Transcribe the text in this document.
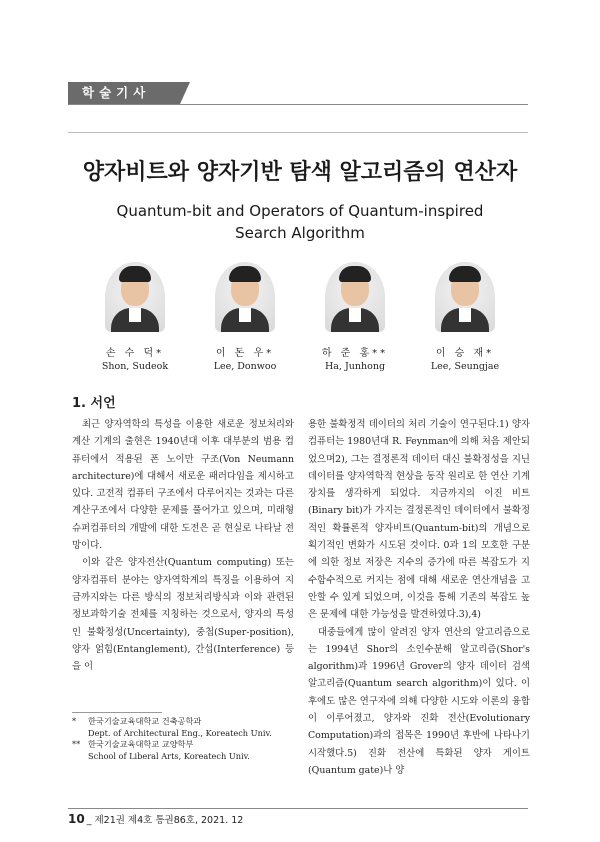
학술기사
양자비트와 양자기반 탐색 알고리즘의 연산자
Quantum-bit and Operators of Quantum-inspired
Search Algorithm
손 수 덕*
Shon, Sudeok
이 돈 우*
Lee, Donwoo
하 준 홍**
Ha, Junhong
이 승 재*
Lee, Seungjae
1. 서언

최근 양자역학의 특성을 이용한 새로운 정보처리와 계산 기계의 출현은 1940년대 이후 대부분의 범용 컴퓨터에서 적용된 폰 노이만 구조(Von Neumann architecture)에 대해서 새로운 패러다임을 제시하고 있다. 고전적 컴퓨터 구조에서 다루어지는 것과는 다른 계산구조에서 다양한 문제를 풀어가고 있으며, 미래형 슈퍼컴퓨터의 개발에 대한 도전은 곧 현실로 나타날 전망이다.

이와 같은 양자전산(Quantum computing) 또는 양자컴퓨터 분야는 양자역학계의 특징을 이용하여 지금까지와는 다른 방식의 정보처리방식과 이와 관련된 정보과학기술 전체를 지칭하는 것으로서, 양자의 특성인 불확정성(Uncertainty), 중첩(Super-position), 양자 얽힘(Entanglement), 간섭(Interference) 등을 이

용한 불확정적 데이터의 처리 기술이 연구된다.1) 양자컴퓨터는 1980년대 R. Feynman에 의해 처음 제안되었으며2), 그는 결정론적 데이터 대신 불확정성을 지닌 데이터를 양자역학적 현상을 동작 원리로 한 연산 기계 장치를 생각하게 되었다. 지금까지의 이진 비트(Binary bit)가 가지는 결정론적인 데이터에서 불확정적인 확률론적 양자비트(Quantum-bit)의 개념으로 획기적인 변화가 시도된 것이다. 0과 1의 모호한 구분에 의한 정보 저장은 지수의 증가에 따른 복잡도가 지수함수적으로 커지는 점에 대해 새로운 연산개념을 고안할 수 있게 되었으며, 이것을 통해 기존의 복잡도 높은 문제에 대한 가능성을 발견하였다.3),4)

대중들에게 많이 알려진 양자 연산의 알고리즘으로는 1994년 Shor의 소인수분해 알고리즘(Shor's algorithm)과 1996년 Grover의 양자 데이터 검색 알고리즘(Quantum search algorithm)이 있다. 이후에도 많은 연구자에 의해 다양한 시도와 이론의 융합이 이루어졌고, 양자와 진화 전산(Evolutionary Computation)과의 접목은 1990년 후반에 나타나기 시작했다.5) 진화 전산에 특화된 양자 게이트(Quantum gate)나 양

* 한국기술교육대학교 건축공학과
Dept. of Architectural Eng., Koreatech Univ.
** 한국기술교육대학교 교양학부
School of Liberal Arts, Koreatech Univ.
10 _ 제21권 제4호 통권86호, 2021. 12
